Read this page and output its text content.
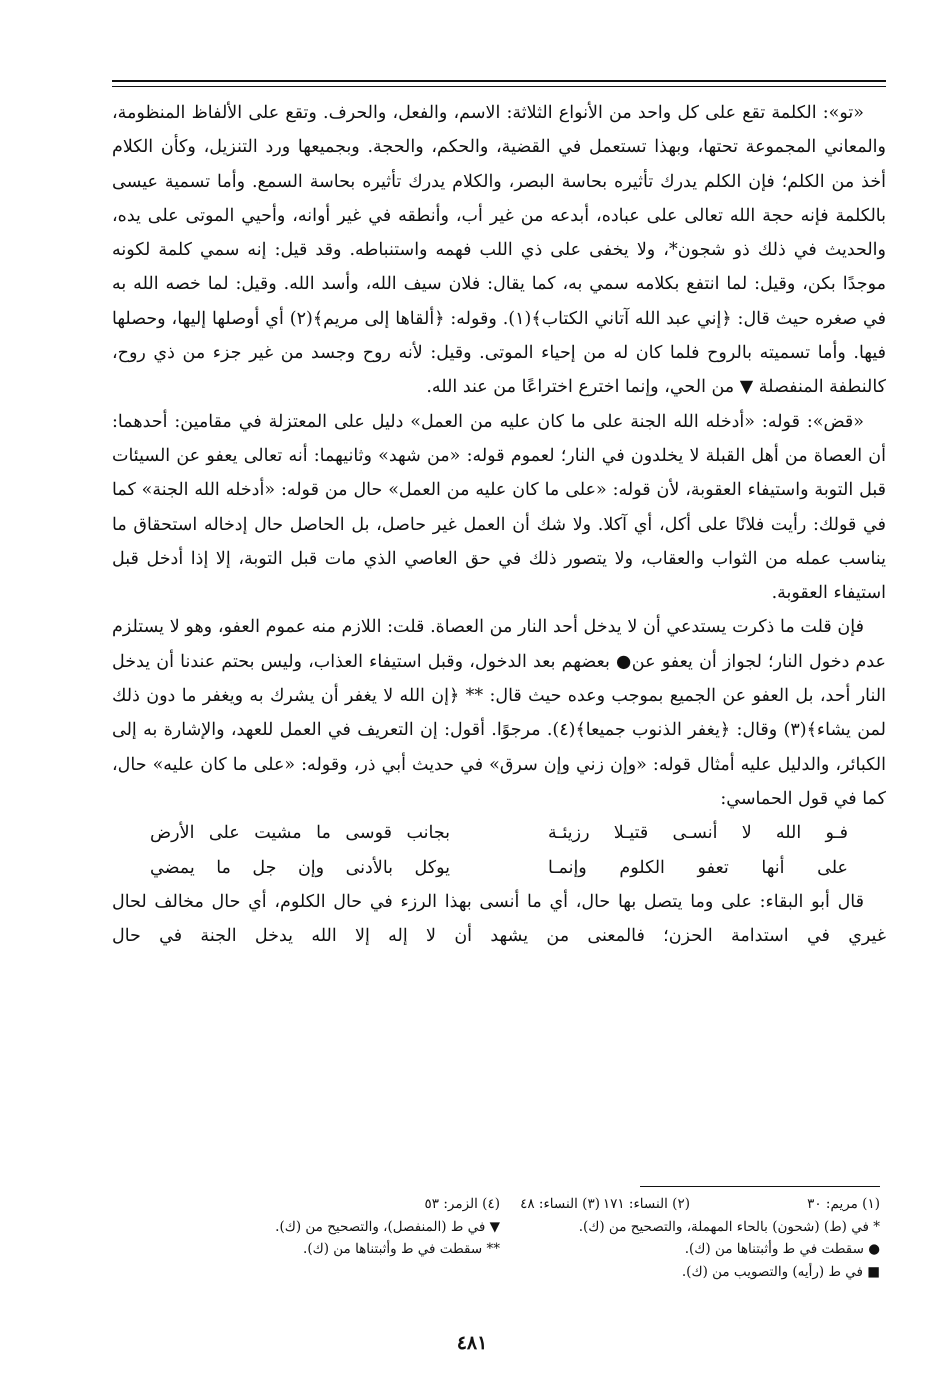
«تو»: الكلمة تقع على كل واحد من الأنواع الثلاثة: الاسم، والفعل، والحرف. وتقع على الألفاظ المنظومة، والمعاني المجموعة تحتها، وبهذا تستعمل في القضية، والحكم، والحجة. وبجميعها ورد التنزيل، وكأن الكلام أخذ من الكلم؛ فإن الكلم يدرك تأثيره بحاسة البصر، والكلام يدرك تأثيره بحاسة السمع. وأما تسمية عيسى بالكلمة فإنه حجة الله تعالى على عباده، أبدعه من غير أب، وأنطقه في غير أوانه، وأحيي الموتى على يده، والحديث في ذلك ذو شجون*، ولا يخفى على ذي اللب فهمه واستنباطه. وقد قيل: إنه سمي كلمة لكونه موجدًا بكن، وقيل: لما انتفع بكلامه سمي به، كما يقال: فلان سيف الله، وأسد الله. وقيل: لما خصه الله به في صغره حيث قال: ﴿إني عبد الله آتاني الكتاب﴾(١). وقوله: ﴿ألقاها إلى مريم﴾(٢) أي أوصلها إليها، وحصلها فيها. وأما تسميته بالروح فلما كان له من إحياء الموتى. وقيل: لأنه روح وجسد من غير جزء من ذي روح، كالنطفة المنفصلة ▼ من الحي، وإنما اخترع اختراعًا من عند الله.

«قض»: قوله: «أدخله الله الجنة على ما كان عليه من العمل» دليل على المعتزلة في مقامين: أحدهما: أن العصاة من أهل القبلة لا يخلدون في النار؛ لعموم قوله: «من شهد» وثانيهما: أنه تعالى يعفو عن السيئات قبل التوبة واستيفاء العقوبة، لأن قوله: «على ما كان عليه من العمل» حال من قوله: «أدخله الله الجنة» كما في قولك: رأيت فلانًا على أكل، أي آكلا. ولا شك أن العمل غير حاصل، بل الحاصل حال إدخاله استحقاق ما يناسب عمله من الثواب والعقاب، ولا يتصور ذلك في حق العاصي الذي مات قبل التوبة، إلا إذا أدخل قبل استيفاء العقوبة.

فإن قلت ما ذكرت يستدعي أن لا يدخل أحد النار من العصاة. قلت: اللازم منه عموم العفو، وهو لا يستلزم عدم دخول النار؛ لجواز أن يعفو عن● بعضهم بعد الدخول، وقبل استيفاء العذاب، وليس بحتم عندنا أن يدخل النار أحد، بل العفو عن الجميع بموجب وعده حيث قال: ** ﴿إن الله لا يغفر أن يشرك به ويغفر ما دون ذلك لمن يشاء﴾(٣) وقال: ﴿يغفر الذنوب جميعا﴾(٤). مرجوًا. أقول: إن التعريف في العمل للعهد، والإشارة به إلى الكبائر، والدليل عليه أمثال قوله: «وإن زني وإن سرق» في حديث أبي ذر، وقوله: «على ما كان عليه» حال، كما في قول الحماسي:

فـو الله لا أنسـى قتيـلا رزيئـة
بجانب قوسى ما مشيت على الأرض
على أنها تعفو الكلوم وإنمـا
يوكل بالأدنى وإن جل ما يمضي

قال أبو البقاء: على وما يتصل بها حال، أي ما أنسى بهذا الرزء في حال الكلوم، أي حال مخالف لحال غيري في استدامة الحزن؛ فالمعنى من يشهد أن لا إله إلا الله يدخل الجنة في حال

(١) مريم: ٣٠
(٢) النساء: ١٧١
(٣) النساء: ٤٨
(٤) الزمر: ٥٣
* في (ط) (شحون) بالحاء المهملة، والتصحيح من (ك).
▼ في ط (المنفصل)، والتصحيح من (ك).
● سقطت في ط وأثبتناها من (ك).
** سقطت في ط وأثبتناها من (ك).
■ في ط (رأيه) والتصويب من (ك).
٤٨١
